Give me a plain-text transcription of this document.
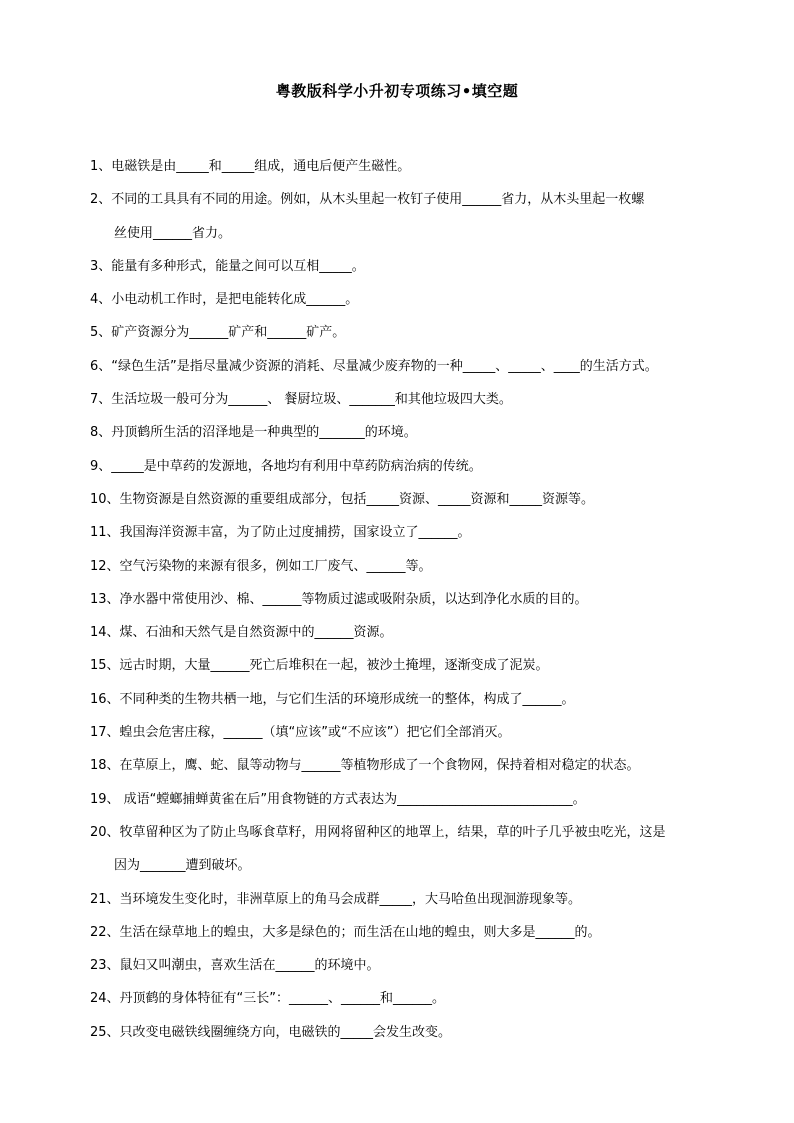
粤教版科学小升初专项练习•填空题
1、电磁铁是由_____和_____组成，通电后便产生磁性。
2、不同的工具具有不同的用途。例如，从木头里起一枚钉子使用______省力，从木头里起一枚螺
丝使用______省力。
3、能量有多种形式，能量之间可以互相_____。
4、小电动机工作时，是把电能转化成______。
5、矿产资源分为______矿产和______矿产。
6、“绿色生活”是指尽量减少资源的消耗、尽量减少废弃物的一种_____、_____、____的生活方式。
7、生活垃圾一般可分为______、 餐厨垃圾、_______和其他垃圾四大类。
8、丹顶鹤所生活的沼泽地是一种典型的_______的环境。
9、_____是中草药的发源地，各地均有利用中草药防病治病的传统。
10、生物资源是自然资源的重要组成部分，包括_____资源、_____资源和_____资源等。
11、我国海洋资源丰富，为了防止过度捕捞，国家设立了______。
12、空气污染物的来源有很多，例如工厂废气、______等。
13、净水器中常使用沙、棉、______等物质过滤或吸附杂质，以达到净化水质的目的。
14、煤、石油和天然气是自然资源中的______资源。
15、远古时期，大量______死亡后堆积在一起，被沙土掩埋，逐渐变成了泥炭。
16、不同种类的生物共栖一地，与它们生活的环境形成统一的整体，构成了______。
17、蝗虫会危害庄稼，______（填“应该”或“不应该”）把它们全部消灭。
18、在草原上，鹰、蛇、鼠等动物与______等植物形成了一个食物网，保持着相对稳定的状态。
19、 成语“螳螂捕蝉黄雀在后”用食物链的方式表达为___________________________。
20、牧草留种区为了防止鸟啄食草籽，用网将留种区的地罩上，结果，草的叶子几乎被虫吃光，这是
因为_______遭到破坏。
21、当环境发生变化时，非洲草原上的角马会成群_____，大马哈鱼出现洄游现象等。
22、生活在绿草地上的蝗虫，大多是绿色的；而生活在山地的蝗虫，则大多是______的。
23、鼠妇又叫潮虫，喜欢生活在______的环境中。
24、丹顶鹤的身体特征有“三长”：______、______和______。
25、只改变电磁铁线圈缠绕方向，电磁铁的_____会发生改变。
